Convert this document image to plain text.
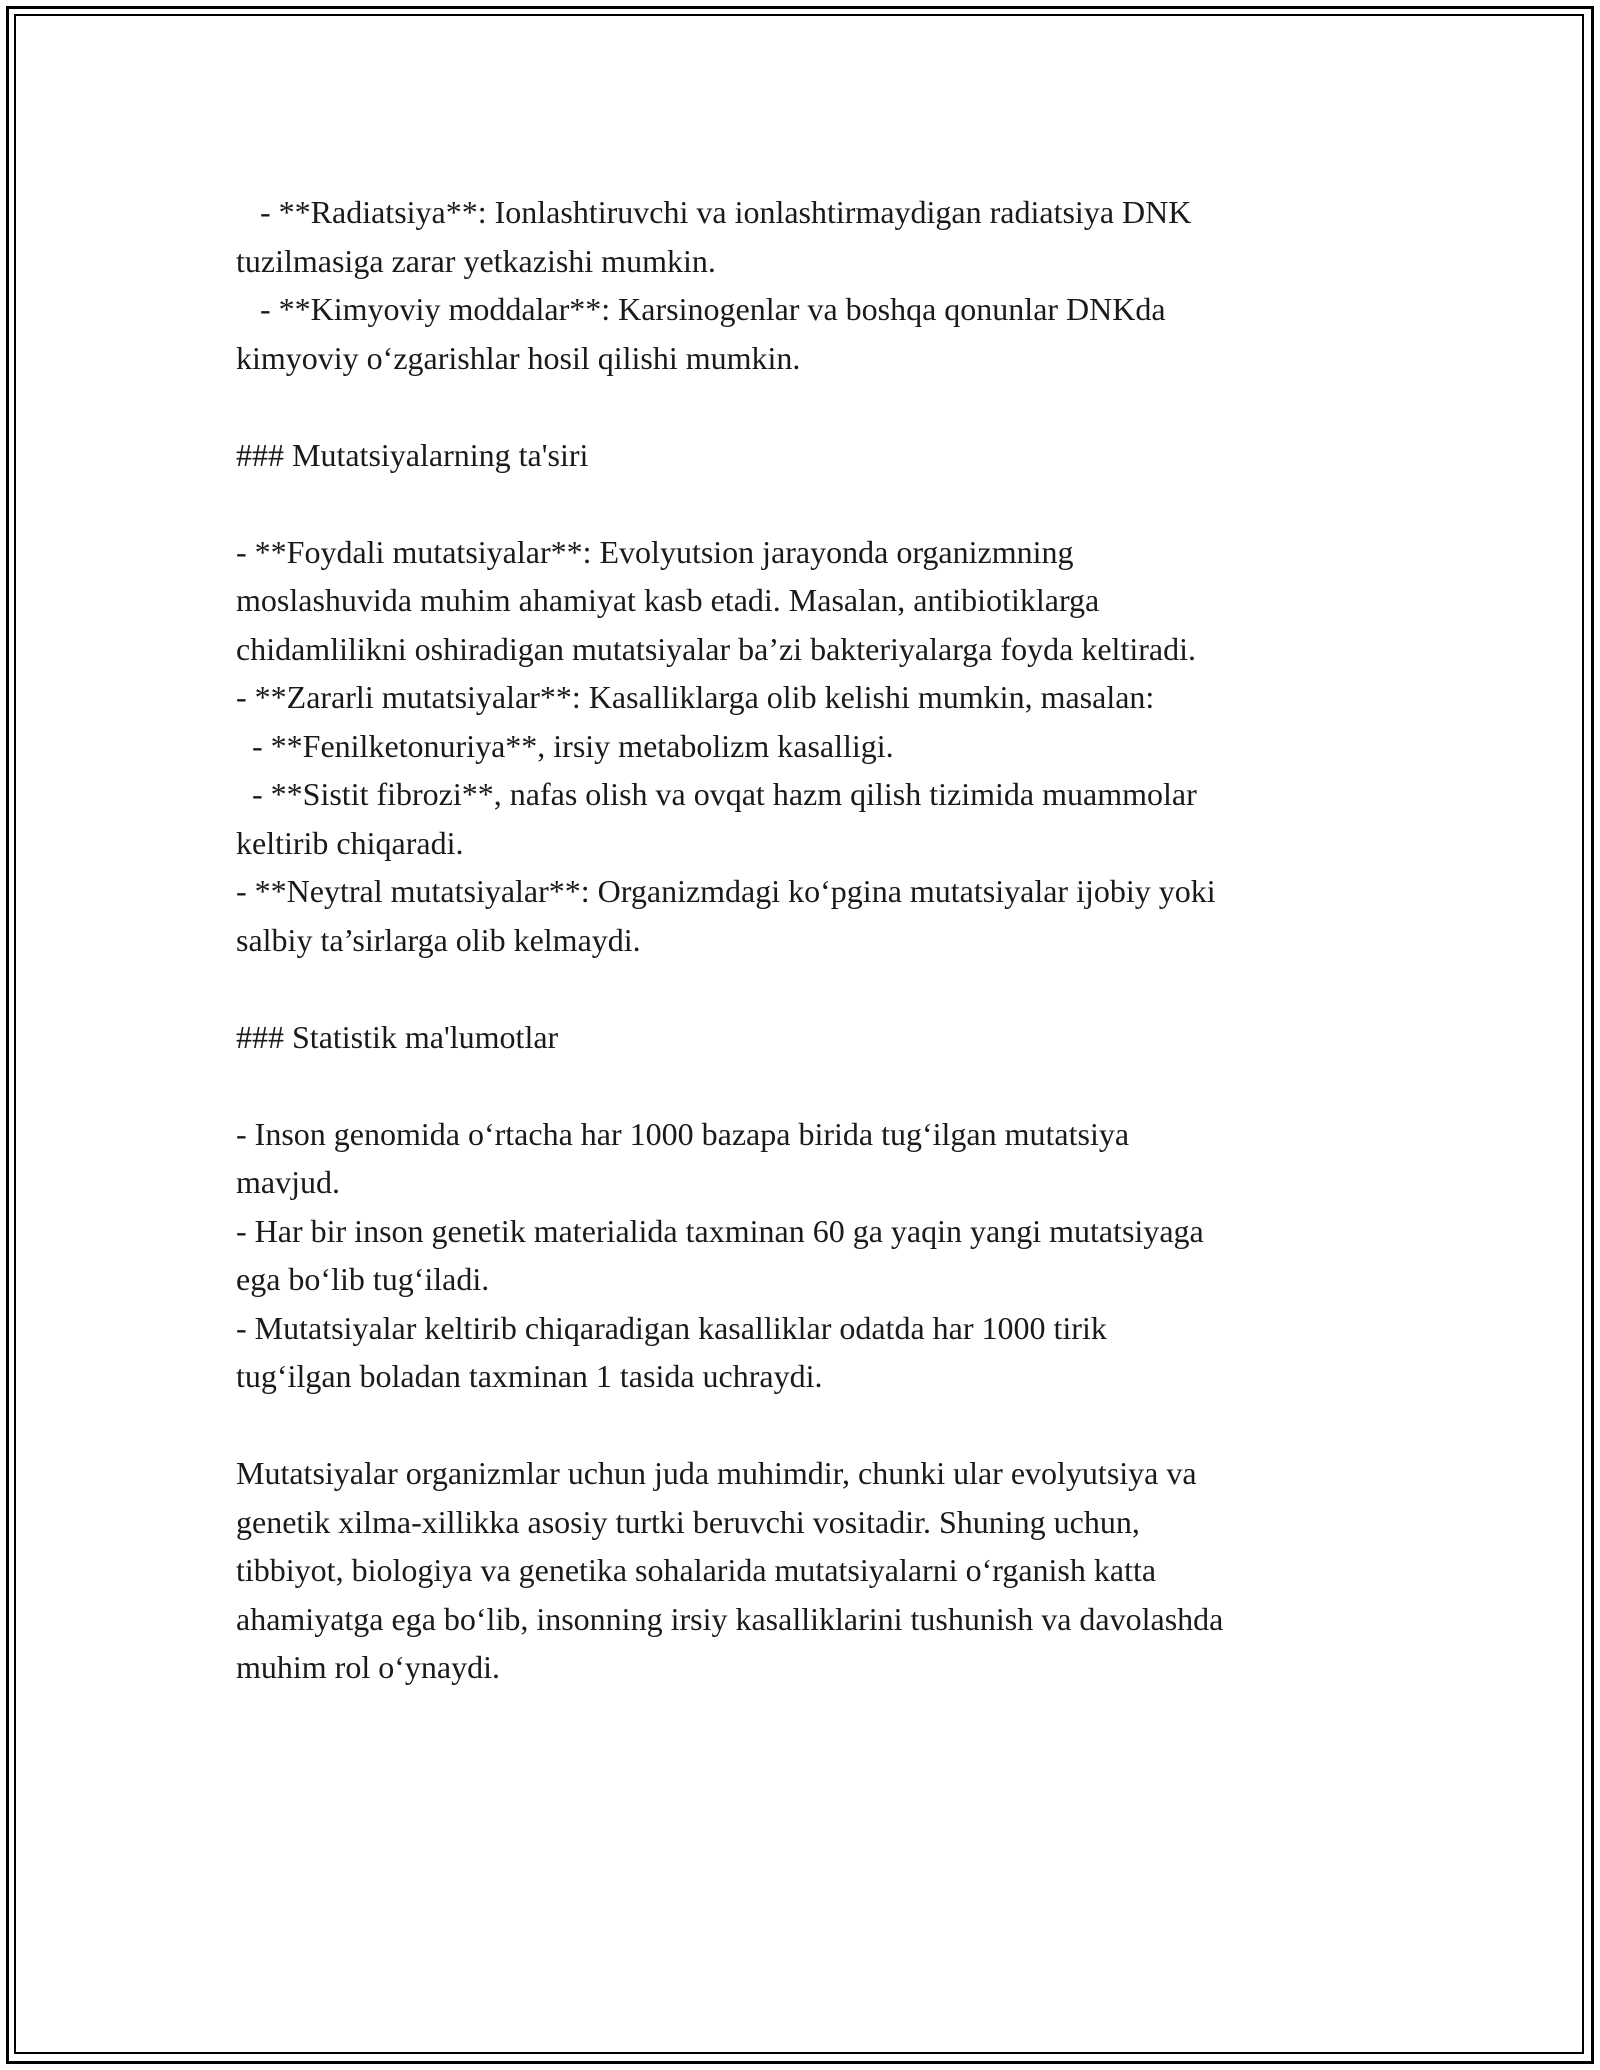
- **Radiatsiya**: Ionlashtiruvchi va ionlashtirmaydigan radiatsiya DNK
tuzilmasiga zarar yetkazishi mumkin.
- **Kimyoviy moddalar**: Karsinogenlar va boshqa qonunlar DNKda
kimyoviy o‘zgarishlar hosil qilishi mumkin.
### Mutatsiyalarning ta'siri
- **Foydali mutatsiyalar**: Evolyutsion jarayonda organizmning
moslashuvida muhim ahamiyat kasb etadi. Masalan, antibiotiklarga
chidamlilikni oshiradigan mutatsiyalar ba’zi bakteriyalarga foyda keltiradi.
- **Zararli mutatsiyalar**: Kasalliklarga olib kelishi mumkin, masalan:
- **Fenilketonuriya**, irsiy metabolizm kasalligi.
- **Sistit fibrozi**, nafas olish va ovqat hazm qilish tizimida muammolar
keltirib chiqaradi.
- **Neytral mutatsiyalar**: Organizmdagi ko‘pgina mutatsiyalar ijobiy yoki
salbiy ta’sirlarga olib kelmaydi.
### Statistik ma'lumotlar
- Inson genomida o‘rtacha har 1000 bazapa birida tug‘ilgan mutatsiya
mavjud.
- Har bir inson genetik materialida taxminan 60 ga yaqin yangi mutatsiyaga
ega bo‘lib tug‘iladi.
- Mutatsiyalar keltirib chiqaradigan kasalliklar odatda har 1000 tirik
tug‘ilgan boladan taxminan 1 tasida uchraydi.
Mutatsiyalar organizmlar uchun juda muhimdir, chunki ular evolyutsiya va
genetik xilma-xillikka asosiy turtki beruvchi vositadir. Shuning uchun,
tibbiyot, biologiya va genetika sohalarida mutatsiyalarni o‘rganish katta
ahamiyatga ega bo‘lib, insonning irsiy kasalliklarini tushunish va davolashda
muhim rol o‘ynaydi.
